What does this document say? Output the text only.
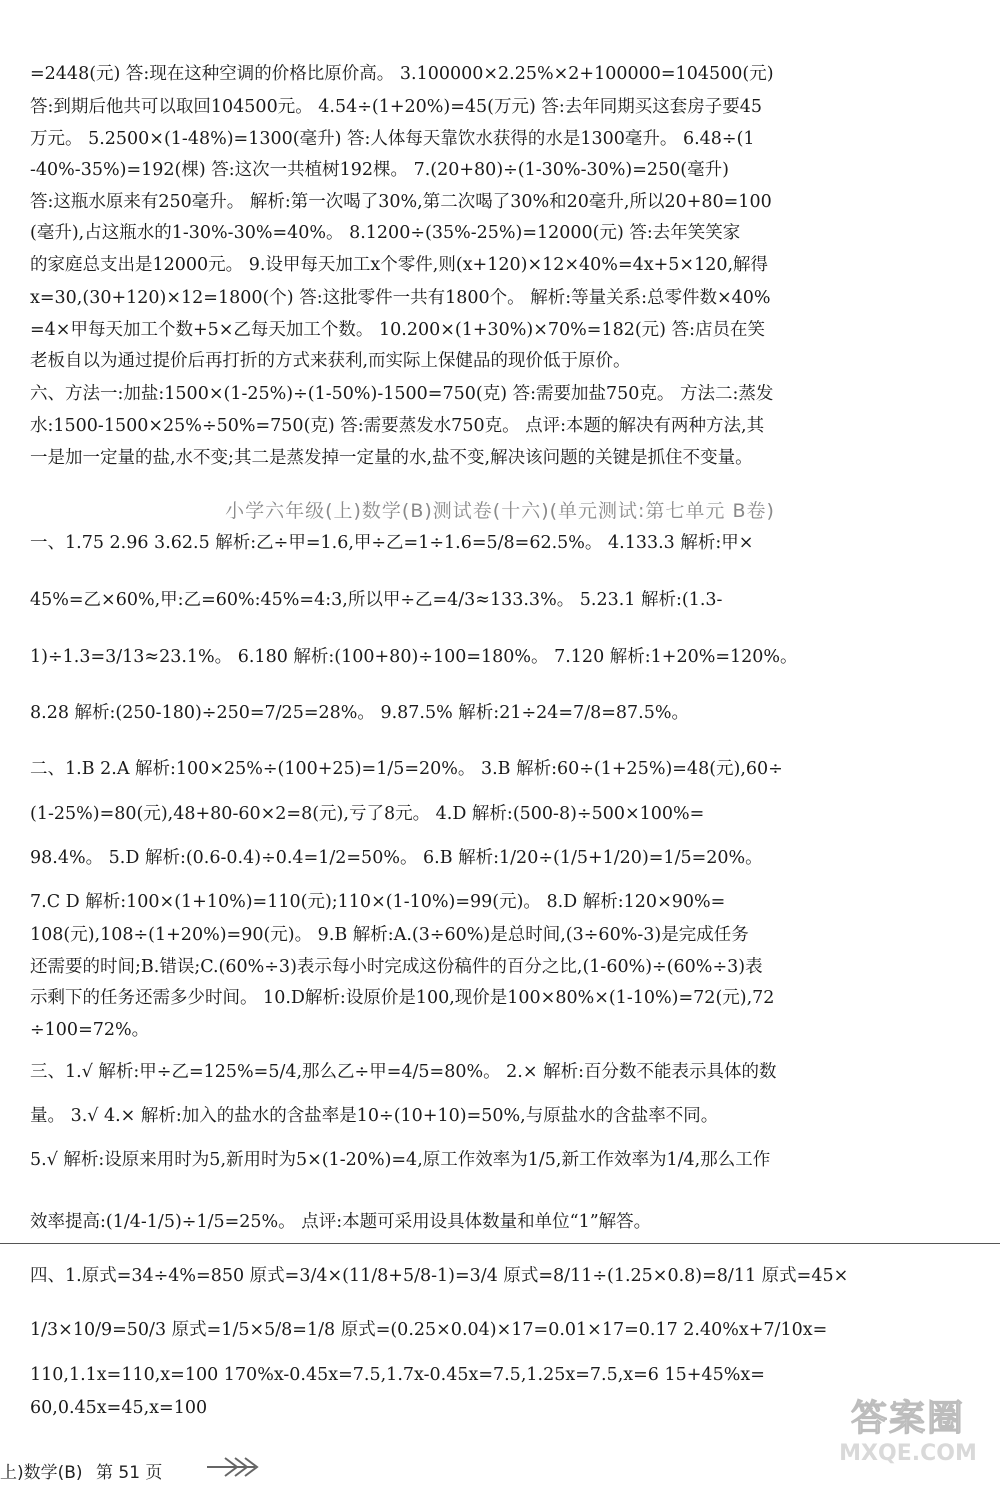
=2448(元) 答:现在这种空调的价格比原价高。 3.100000×2.25%×2+100000=104500(元)
答:到期后他共可以取回104500元。 4.54÷(1+20%)=45(万元) 答:去年同期买这套房子要45
万元。 5.2500×(1-48%)=1300(毫升) 答:人体每天靠饮水获得的水是1300毫升。 6.48÷(1
-40%-35%)=192(棵) 答:这次一共植树192棵。 7.(20+80)÷(1-30%-30%)=250(毫升)
答:这瓶水原来有250毫升。 解析:第一次喝了30%,第二次喝了30%和20毫升,所以20+80=100
(毫升),占这瓶水的1-30%-30%=40%。 8.1200÷(35%-25%)=12000(元) 答:去年笑笑家
的家庭总支出是12000元。 9.设甲每天加工x个零件,则(x+120)×12×40%=4x+5×120,解得
x=30,(30+120)×12=1800(个) 答:这批零件一共有1800个。 解析:等量关系:总零件数×40%
=4×甲每天加工个数+5×乙每天加工个数。 10.200×(1+30%)×70%=182(元) 答:店员在笑
老板自以为通过提价后再打折的方式来获利,而实际上保健品的现价低于原价。
六、方法一:加盐:1500×(1-25%)÷(1-50%)-1500=750(克) 答:需要加盐750克。 方法二:蒸发
水:1500-1500×25%÷50%=750(克) 答:需要蒸发水750克。 点评:本题的解决有两种方法,其
一是加一定量的盐,水不变;其二是蒸发掉一定量的水,盐不变,解决该问题的关键是抓住不变量。
小学六年级(上)数学(B)测试卷(十六)(单元测试:第七单元 B卷)
一、1.75 2.96 3.62.5 解析:乙÷甲=1.6,甲÷乙=1÷1.6=5/8=62.5%。 4.133.3 解析:甲×
45%=乙×60%,甲:乙=60%:45%=4:3,所以甲÷乙=4/3≈133.3%。 5.23.1 解析:(1.3-
1)÷1.3=3/13≈23.1%。 6.180 解析:(100+80)÷100=180%。 7.120 解析:1+20%=120%。
8.28 解析:(250-180)÷250=7/25=28%。 9.87.5% 解析:21÷24=7/8=87.5%。
二、1.B 2.A 解析:100×25%÷(100+25)=1/5=20%。 3.B 解析:60÷(1+25%)=48(元),60÷
(1-25%)=80(元),48+80-60×2=8(元),亏了8元。 4.D 解析:(500-8)÷500×100%=
98.4%。 5.D 解析:(0.6-0.4)÷0.4=1/2=50%。 6.B 解析:1/20÷(1/5+1/20)=1/5=20%。
7.C D 解析:100×(1+10%)=110(元);110×(1-10%)=99(元)。 8.D 解析:120×90%=
108(元),108÷(1+20%)=90(元)。 9.B 解析:A.(3÷60%)是总时间,(3÷60%-3)是完成任务
还需要的时间;B.错误;C.(60%÷3)表示每小时完成这份稿件的百分之比,(1-60%)÷(60%÷3)表
示剩下的任务还需多少时间。 10.D解析:设原价是100,现价是100×80%×(1-10%)=72(元),72
÷100=72%。
三、1.√ 解析:甲÷乙=125%=5/4,那么乙÷甲=4/5=80%。 2.× 解析:百分数不能表示具体的数
量。 3.√ 4.× 解析:加入的盐水的含盐率是10÷(10+10)=50%,与原盐水的含盐率不同。
5.√ 解析:设原来用时为5,新用时为5×(1-20%)=4,原工作效率为1/5,新工作效率为1/4,那么工作
效率提高:(1/4-1/5)÷1/5=25%。 点评:本题可采用设具体数量和单位“1”解答。
四、1.原式=34÷4%=850 原式=3/4×(11/8+5/8-1)=3/4 原式=8/11÷(1.25×0.8)=8/11 原式=45×
1/3×10/9=50/3 原式=1/5×5/8=1/8 原式=(0.25×0.04)×17=0.01×17=0.17 2.40%x+7/10x=
110,1.1x=110,x=100 170%x-0.45x=7.5,1.7x-0.45x=7.5,1.25x=7.5,x=6 15+45%x=
60,0.45x=45,x=100
上)数学(B) 第 51 页
答案圈
MXQE.COM
